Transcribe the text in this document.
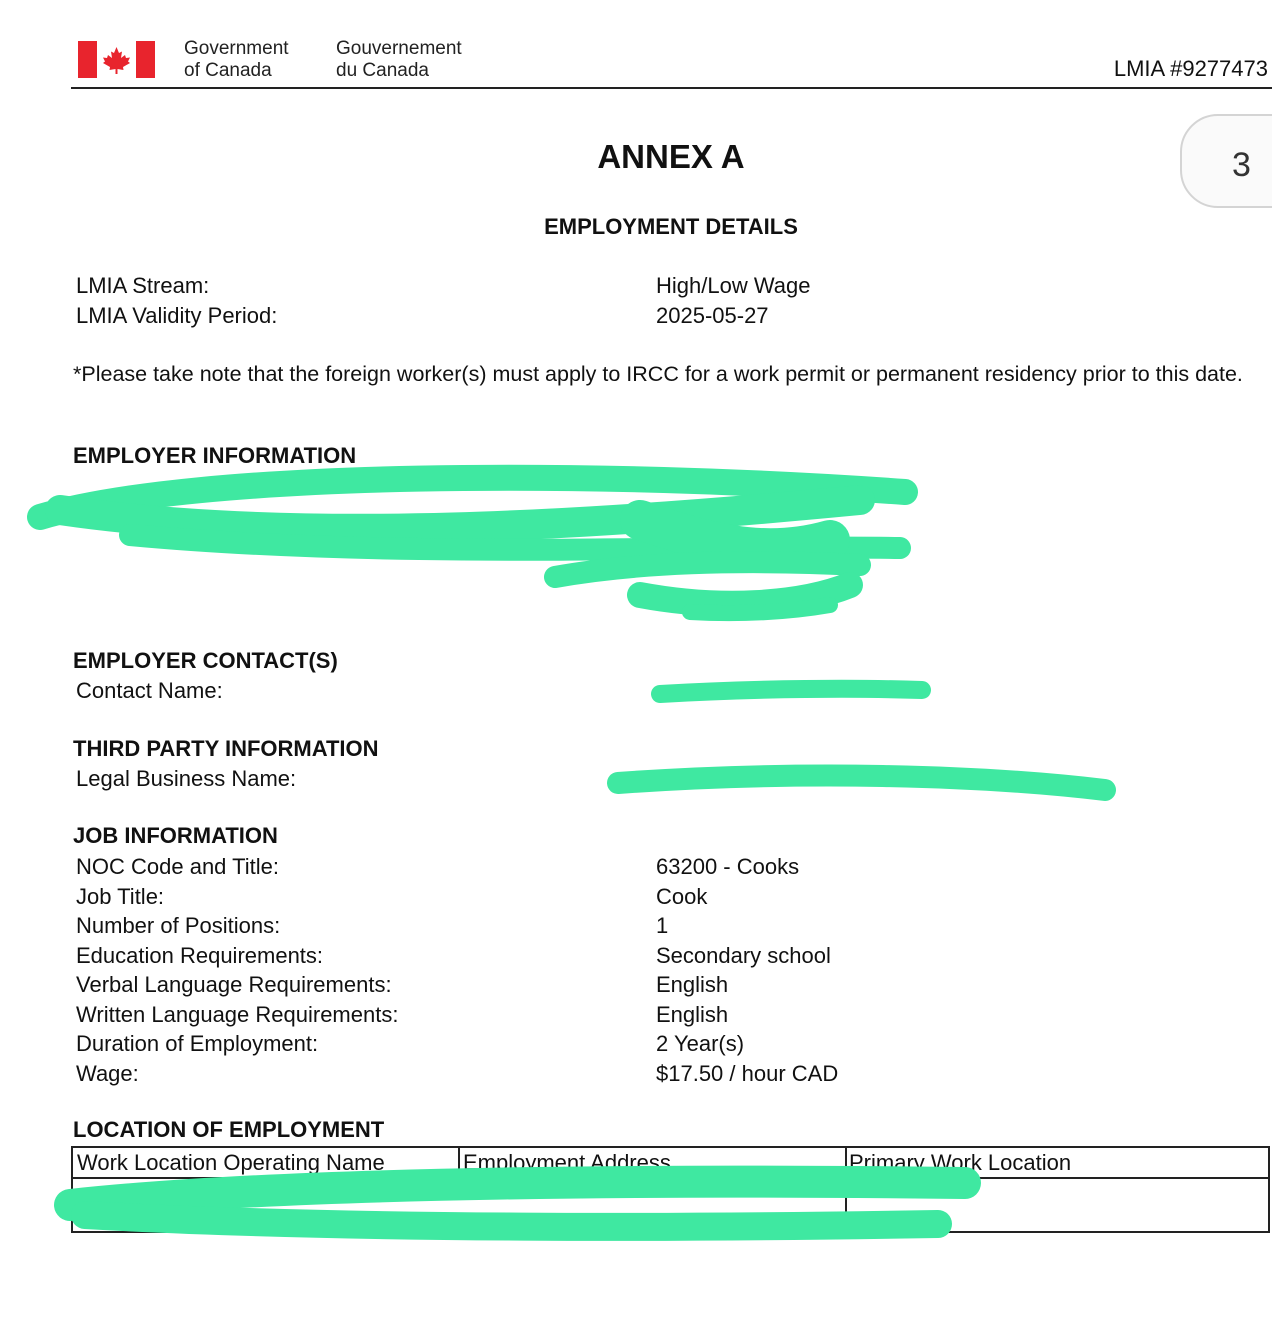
Government
of Canada
Gouvernement
du Canada	LMIA #9277473
3
ANNEX A
EMPLOYMENT DETAILS
LMIA Stream:	High/Low Wage
LMIA Validity Period:	2025-05-27
*Please take note that the foreign worker(s) must apply to IRCC for a work permit or permanent residency prior to this date.
EMPLOYER INFORMATION
EMPLOYER CONTACT(S)
Contact Name:
THIRD PARTY INFORMATION
Legal Business Name:
JOB INFORMATION
NOC Code and Title:	63200 - Cooks
Job Title:	Cook
Number of Positions:	1
Education Requirements:	Secondary school
Verbal Language Requirements:	English
Written Language Requirements:	English
Duration of Employment:	2 Year(s)
Wage:	$17.50 / hour CAD
LOCATION OF EMPLOYMENT
Work Location Operating Name	Employment Address	Primary Work Location
